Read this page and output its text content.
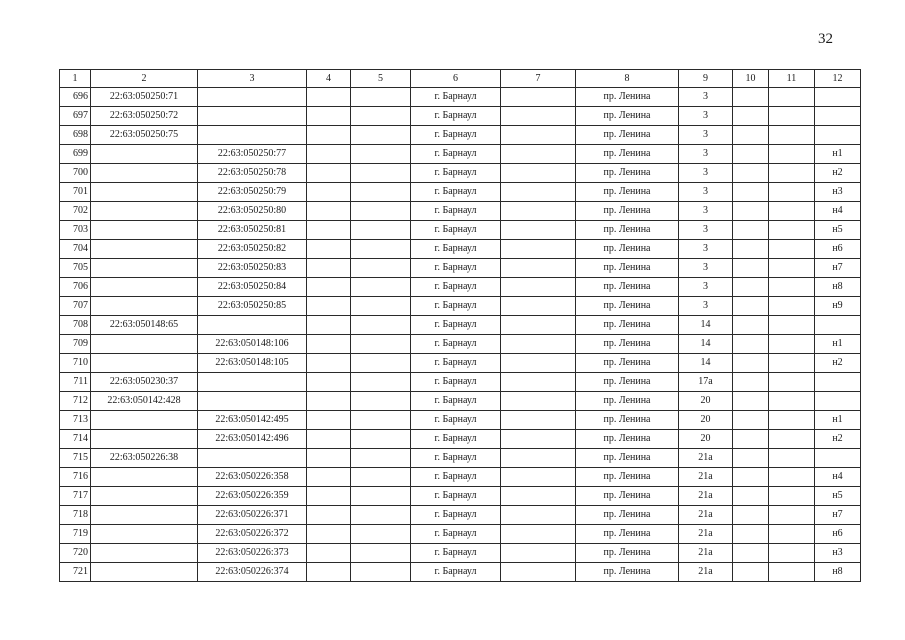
32
1	2	3	4	5	6	7	8	9	10	11	12
696	22:63:050250:71				г. Барнаул		пр. Ленина	3			
697	22:63:050250:72				г. Барнаул		пр. Ленина	3			
698	22:63:050250:75				г. Барнаул		пр. Ленина	3			
699		22:63:050250:77			г. Барнаул		пр. Ленина	3			н1
700		22:63:050250:78			г. Барнаул		пр. Ленина	3			н2
701		22:63:050250:79			г. Барнаул		пр. Ленина	3			н3
702		22:63:050250:80			г. Барнаул		пр. Ленина	3			н4
703		22:63:050250:81			г. Барнаул		пр. Ленина	3			н5
704		22:63:050250:82			г. Барнаул		пр. Ленина	3			н6
705		22:63:050250:83			г. Барнаул		пр. Ленина	3			н7
706		22:63:050250:84			г. Барнаул		пр. Ленина	3			н8
707		22:63:050250:85			г. Барнаул		пр. Ленина	3			н9
708	22:63:050148:65				г. Барнаул		пр. Ленина	14			
709		22:63:050148:106			г. Барнаул		пр. Ленина	14			н1
710		22:63:050148:105			г. Барнаул		пр. Ленина	14			н2
711	22:63:050230:37				г. Барнаул		пр. Ленина	17а			
712	22:63:050142:428				г. Барнаул		пр. Ленина	20			
713		22:63:050142:495			г. Барнаул		пр. Ленина	20			н1
714		22:63:050142:496			г. Барнаул		пр. Ленина	20			н2
715	22:63:050226:38				г. Барнаул		пр. Ленина	21а			
716		22:63:050226:358			г. Барнаул		пр. Ленина	21а			н4
717		22:63:050226:359			г. Барнаул		пр. Ленина	21а			н5
718		22:63:050226:371			г. Барнаул		пр. Ленина	21а			н7
719		22:63:050226:372			г. Барнаул		пр. Ленина	21а			н6
720		22:63:050226:373			г. Барнаул		пр. Ленина	21а			н3
721		22:63:050226:374			г. Барнаул		пр. Ленина	21а			н8
